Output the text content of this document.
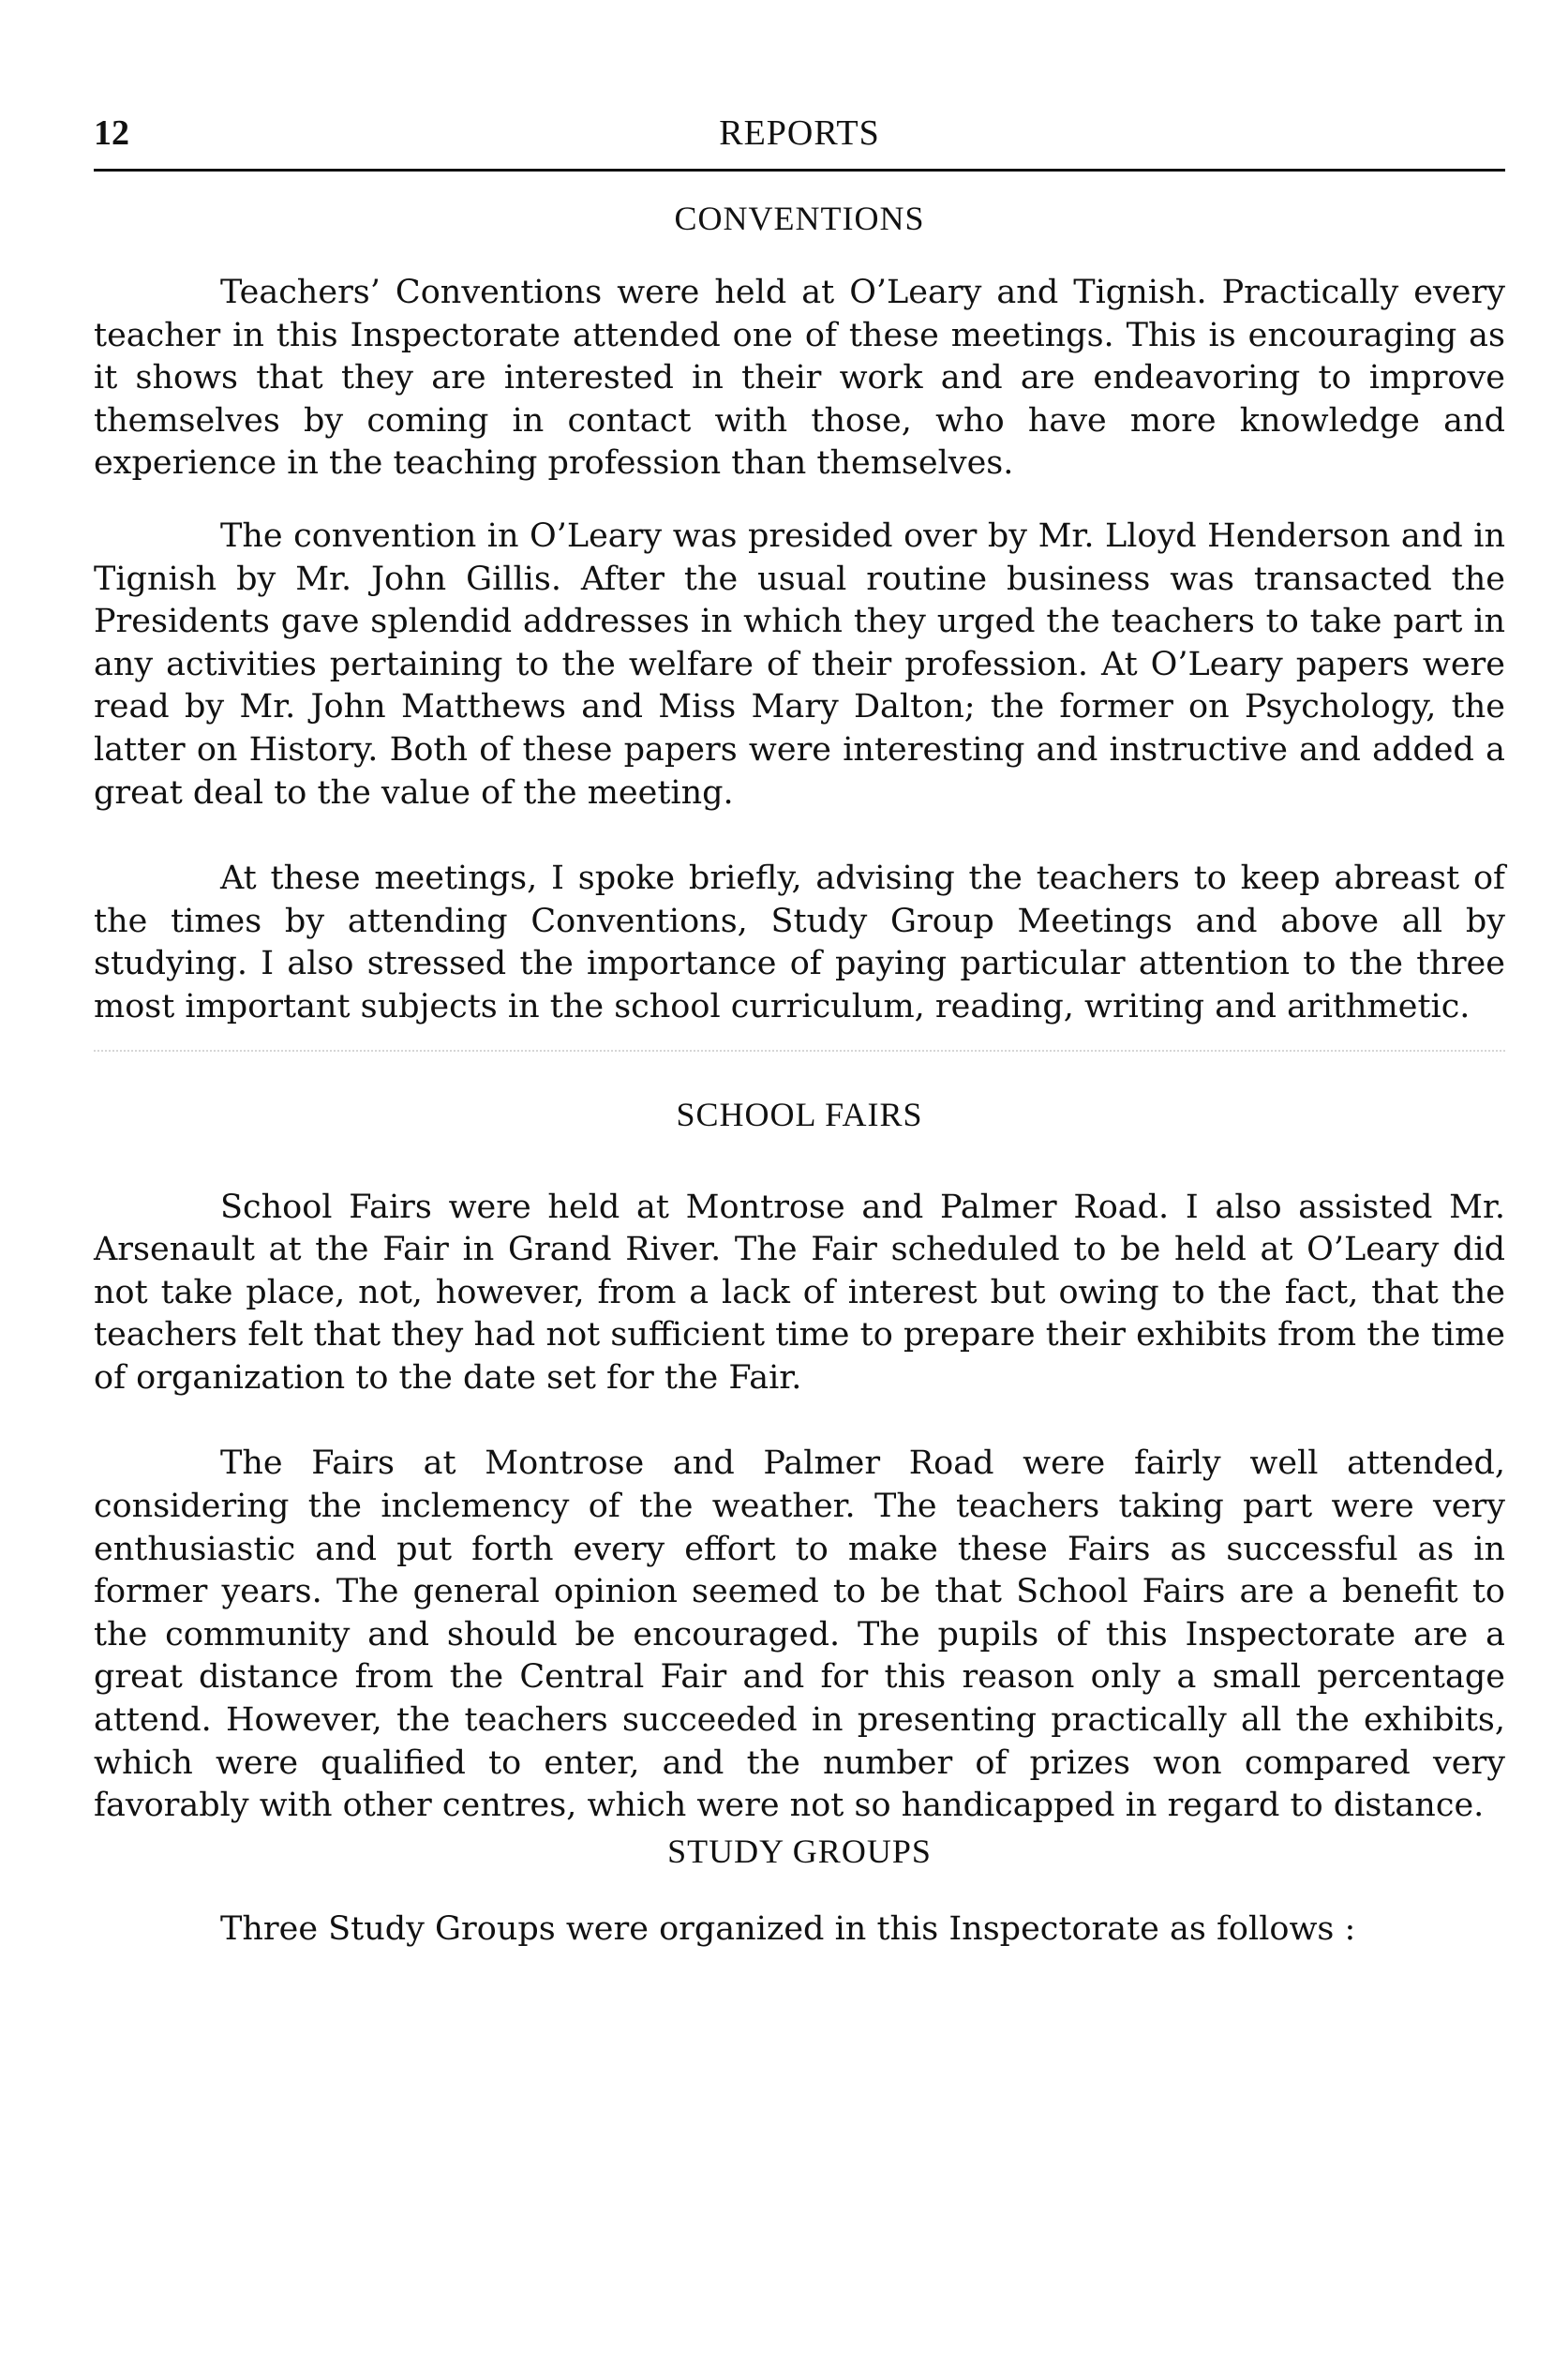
12	REPORTS
CONVENTIONS

Teachers’ Conventions were held at O’Leary and Tignish. Practically every teacher in this Inspectorate attended one of these meetings. This is encouraging as it shows that they are interested in their work and are endeavoring to improve themselves by coming in contact with those, who have more knowledge and experience in the teaching profession than themselves.

The convention in O’Leary was presided over by Mr. Lloyd Henderson and in Tignish by Mr. John Gillis. After the usual routine business was transacted the Presidents gave splendid addresses in which they urged the teachers to take part in any activities pertaining to the welfare of their profession. At O’Leary papers were read by Mr. John Matthews and Miss Mary Dalton; the former on Psychology, the latter on History. Both of these papers were interesting and instructive and added a great deal to the value of the meeting.

At these meetings, I spoke briefly, advising the teachers to keep abreast of the times by attending Conventions, Study Group Meetings and above all by studying. I also stressed the importance of paying particular attention to the three most important subjects in the school curriculum, reading, writing and arithmetic.

SCHOOL FAIRS

School Fairs were held at Montrose and Palmer Road. I also assisted Mr. Arsenault at the Fair in Grand River. The Fair scheduled to be held at O’Leary did not take place, not, however, from a lack of interest but owing to the fact, that the teachers felt that they had not sufficient time to prepare their exhibits from the time of organization to the date set for the Fair.

The Fairs at Montrose and Palmer Road were fairly well attended, considering the inclemency of the weather. The teachers taking part were very enthusiastic and put forth every effort to make these Fairs as successful as in former years. The general opinion seemed to be that School Fairs are a benefit to the community and should be encouraged. The pupils of this Inspectorate are a great distance from the Central Fair and for this reason only a small percentage attend. However, the teachers succeeded in presenting practically all the exhibits, which were qualified to enter, and the number of prizes won compared very favorably with other centres, which were not so handicapped in regard to distance.

STUDY GROUPS

Three Study Groups were organized in this Inspectorate as follows :
